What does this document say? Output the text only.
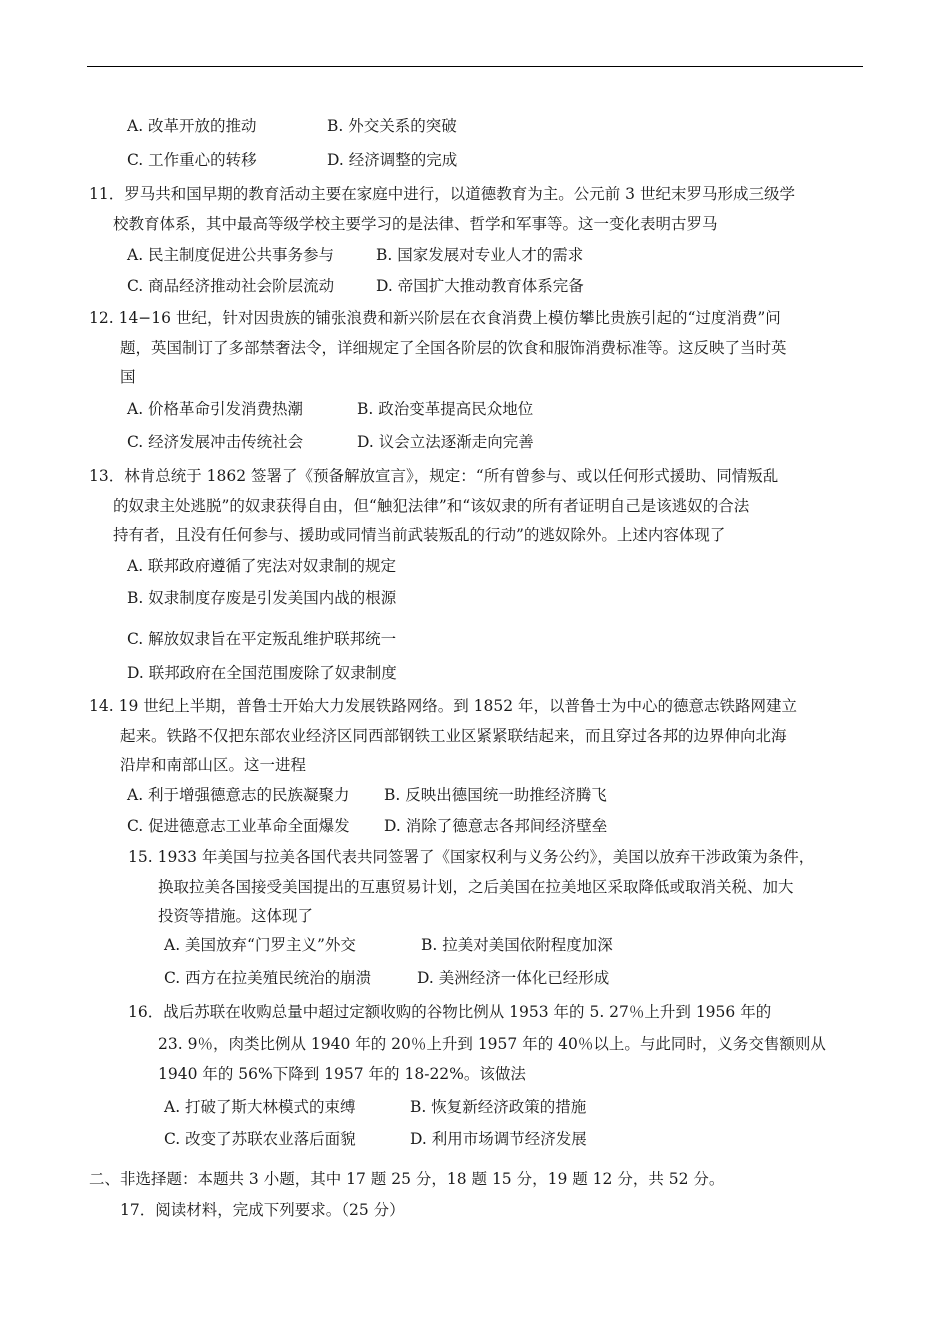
A. 改革开放的推动	B. 外交关系的突破
C. 工作重心的转移	D. 经济调整的完成
11．罗马共和国早期的教育活动主要在家庭中进行，以道德教育为主。公元前 3 世纪末罗马形成三级学
校教育体系，其中最高等级学校主要学习的是法律、哲学和军事等。这一变化表明古罗马
A. 民主制度促进公共事务参与	B. 国家发展对专业人才的需求
C. 商品经济推动社会阶层流动	D. 帝国扩大推动教育体系完备
12. 14−16 世纪，针对因贵族的铺张浪费和新兴阶层在衣食消费上模仿攀比贵族引起的“过度消费”问
题，英国制订了多部禁奢法令，详细规定了全国各阶层的饮食和服饰消费标准等。这反映了当时英
国
A. 价格革命引发消费热潮	B. 政治变革提高民众地位
C. 经济发展冲击传统社会	D. 议会立法逐渐走向完善
13．林肯总统于 1862 签署了《预备解放宣言》，规定：“所有曾参与、或以任何形式援助、同情叛乱
的奴隶主处逃脱”的奴隶获得自由，但“触犯法律”和“该奴隶的所有者证明自己是该逃奴的合法
持有者，且没有任何参与、援助或同情当前武装叛乱的行动”的逃奴除外。上述内容体现了
A. 联邦政府遵循了宪法对奴隶制的规定
B. 奴隶制度存废是引发美国内战的根源
C. 解放奴隶旨在平定叛乱维护联邦统一
D. 联邦政府在全国范围废除了奴隶制度
14. 19 世纪上半期，普鲁士开始大力发展铁路网络。到 1852 年，以普鲁士为中心的德意志铁路网建立
起来。铁路不仅把东部农业经济区同西部钢铁工业区紧紧联结起来，而且穿过各邦的边界伸向北海
沿岸和南部山区。这一进程
A. 利于增强德意志的民族凝聚力 B. 反映出德国统一助推经济腾飞
C. 促进德意志工业革命全面爆发 D. 消除了德意志各邦间经济壁垒
15. 1933 年美国与拉美各国代表共同签署了《国家权利与义务公约》，美国以放弃干涉政策为条件，
换取拉美各国接受美国提出的互惠贸易计划，之后美国在拉美地区采取降低或取消关税、加大
投资等措施。这体现了
A. 美国放弃“门罗主义”外交	B. 拉美对美国依附程度加深
C. 西方在拉美殖民统治的崩溃	D. 美洲经济一体化已经形成
16．战后苏联在收购总量中超过定额收购的谷物比例从 1953 年的 5. 27％上升到 1956 年的
23. 9％，肉类比例从 1940 年的 20％上升到 1957 年的 40％以上。与此同时，义务交售额则从
1940 年的 56%下降到 1957 年的 18-22%。该做法
A. 打破了斯大林模式的束缚	B. 恢复新经济政策的措施
C. 改变了苏联农业落后面貌	D. 利用市场调节经济发展
二、非选择题：本题共 3 小题，其中 17 题 25 分，18 题 15 分，19 题 12 分，共 52 分。
17．阅读材料，完成下列要求。（25 分）
